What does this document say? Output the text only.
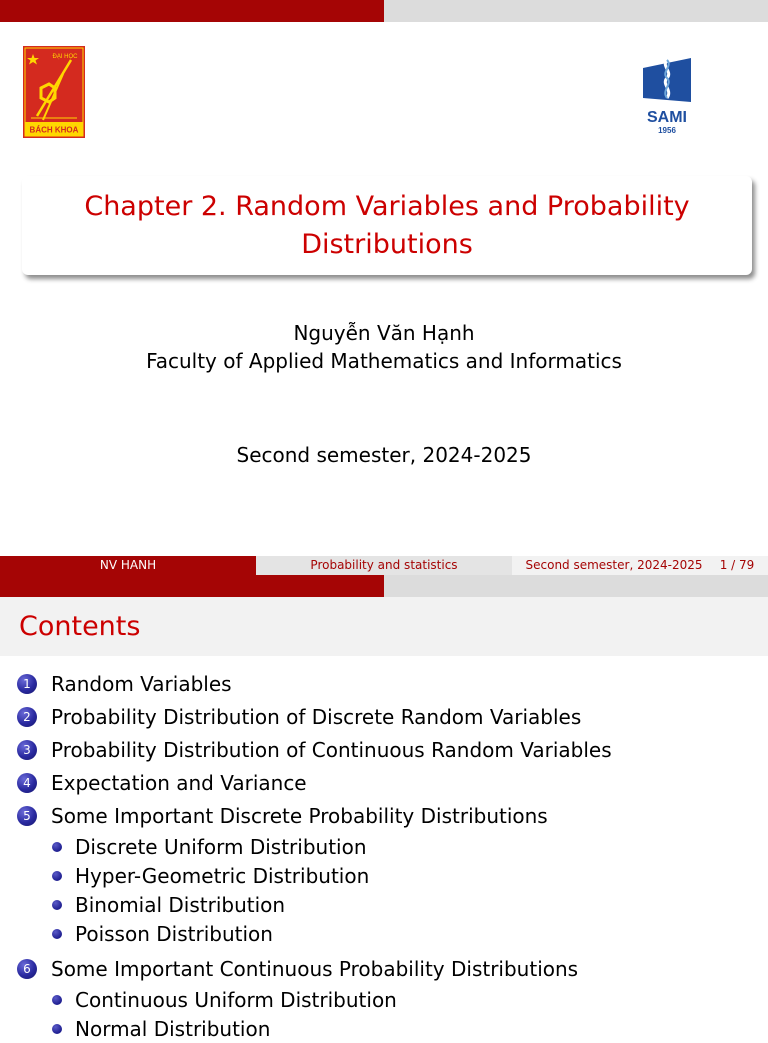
ĐẠI HỌC
BÁCH KHOA
SAMI
1956
Chapter 2. Random Variables and Probability Distributions
Nguyễn Văn Hạnh
Faculty of Applied Mathematics and Informatics
Second semester, 2024-2025
NV HANH	Probability and statistics	Second semester, 2024-2025	1 / 79
Contents
1	Random Variables
2	Probability Distribution of Discrete Random Variables
3	Probability Distribution of Continuous Random Variables
4	Expectation and Variance
5	Some Important Discrete Probability Distributions
Discrete Uniform Distribution
Hyper-Geometric Distribution
Binomial Distribution
Poisson Distribution
6	Some Important Continuous Probability Distributions
Continuous Uniform Distribution
Normal Distribution
